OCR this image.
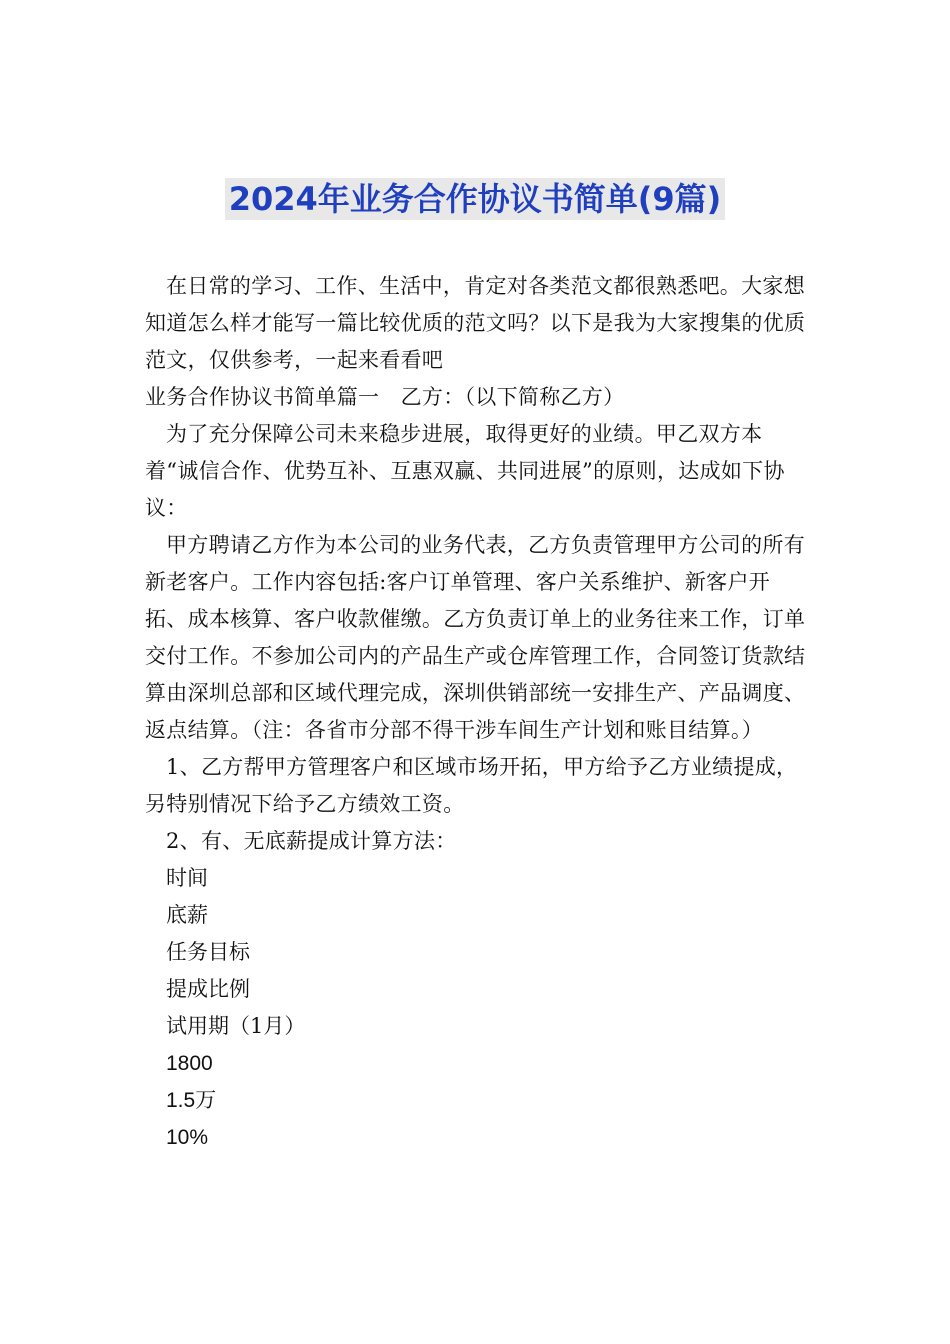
2024年业务合作协议书简单(9篇)

在日常的学习、工作、生活中，肯定对各类范文都很熟悉吧。大家想知道怎么样才能写一篇比较优质的范文吗？以下是我为大家搜集的优质范文，仅供参考，一起来看看吧

业务合作协议书简单篇一　乙方：（以下简称乙方）

为了充分保障公司未来稳步进展，取得更好的业绩。甲乙双方本着“诚信合作、优势互补、互惠双赢、共同进展”的原则，达成如下协议：

甲方聘请乙方作为本公司的业务代表，乙方负责管理甲方公司的所有新老客户。工作内容包括:客户订单管理、客户关系维护、新客户开拓、成本核算、客户收款催缴。乙方负责订单上的业务往来工作，订单交付工作。不参加公司内的产品生产或仓库管理工作，合同签订货款结算由深圳总部和区域代理完成，深圳供销部统一安排生产、产品调度、返点结算。（注：各省市分部不得干涉车间生产计划和账目结算。）

1、乙方帮甲方管理客户和区域市场开拓，甲方给予乙方业绩提成，另特别情况下给予乙方绩效工资。

2、有、无底薪提成计算方法：

时间

底薪

任务目标

提成比例

试用期（1月）

1800

1.5万

10%
